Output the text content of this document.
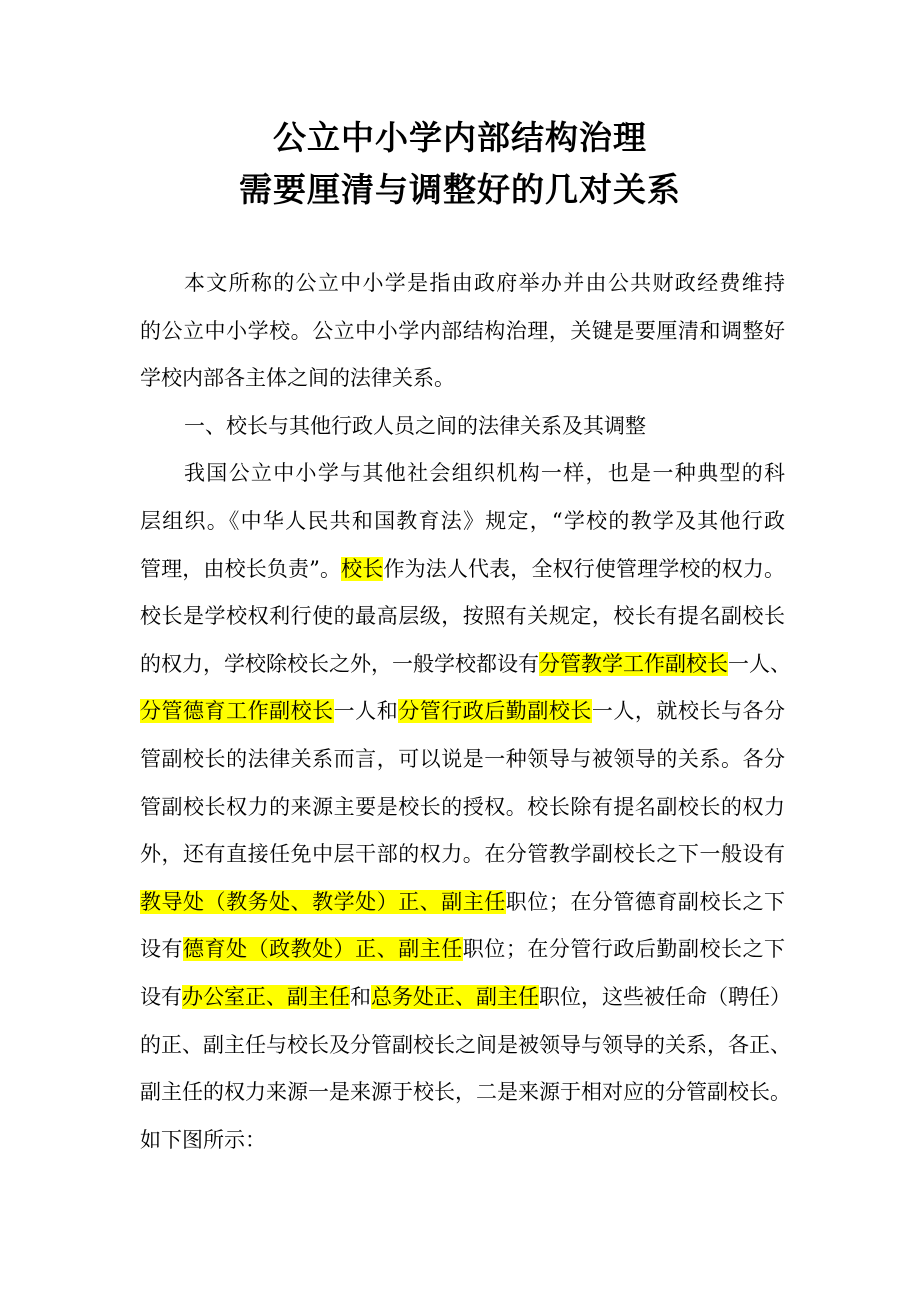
公立中小学内部结构治理
需要厘清与调整好的几对关系
本文所称的公立中小学是指由政府举办并由公共财政经费维持
的公立中小学校。公立中小学内部结构治理，关键是要厘清和调整好
学校内部各主体之间的法律关系。
一、校长与其他行政人员之间的法律关系及其调整
我国公立中小学与其他社会组织机构一样，也是一种典型的科
层组织。《中华人民共和国教育法》规定，“学校的教学及其他行政
管理，由校长负责”。校长作为法人代表，全权行使管理学校的权力。
校长是学校权利行使的最高层级，按照有关规定，校长有提名副校长
的权力，学校除校长之外，一般学校都设有分管教学工作副校长一人、
分管德育工作副校长一人和分管行政后勤副校长一人，就校长与各分
管副校长的法律关系而言，可以说是一种领导与被领导的关系。各分
管副校长权力的来源主要是校长的授权。校长除有提名副校长的权力
外，还有直接任免中层干部的权力。在分管教学副校长之下一般设有
教导处（教务处、教学处）正、副主任职位；在分管德育副校长之下
设有德育处（政教处）正、副主任职位；在分管行政后勤副校长之下
设有办公室正、副主任和总务处正、副主任职位，这些被任命（聘任）
的正、副主任与校长及分管副校长之间是被领导与领导的关系，各正、
副主任的权力来源一是来源于校长，二是来源于相对应的分管副校长。
如下图所示：
